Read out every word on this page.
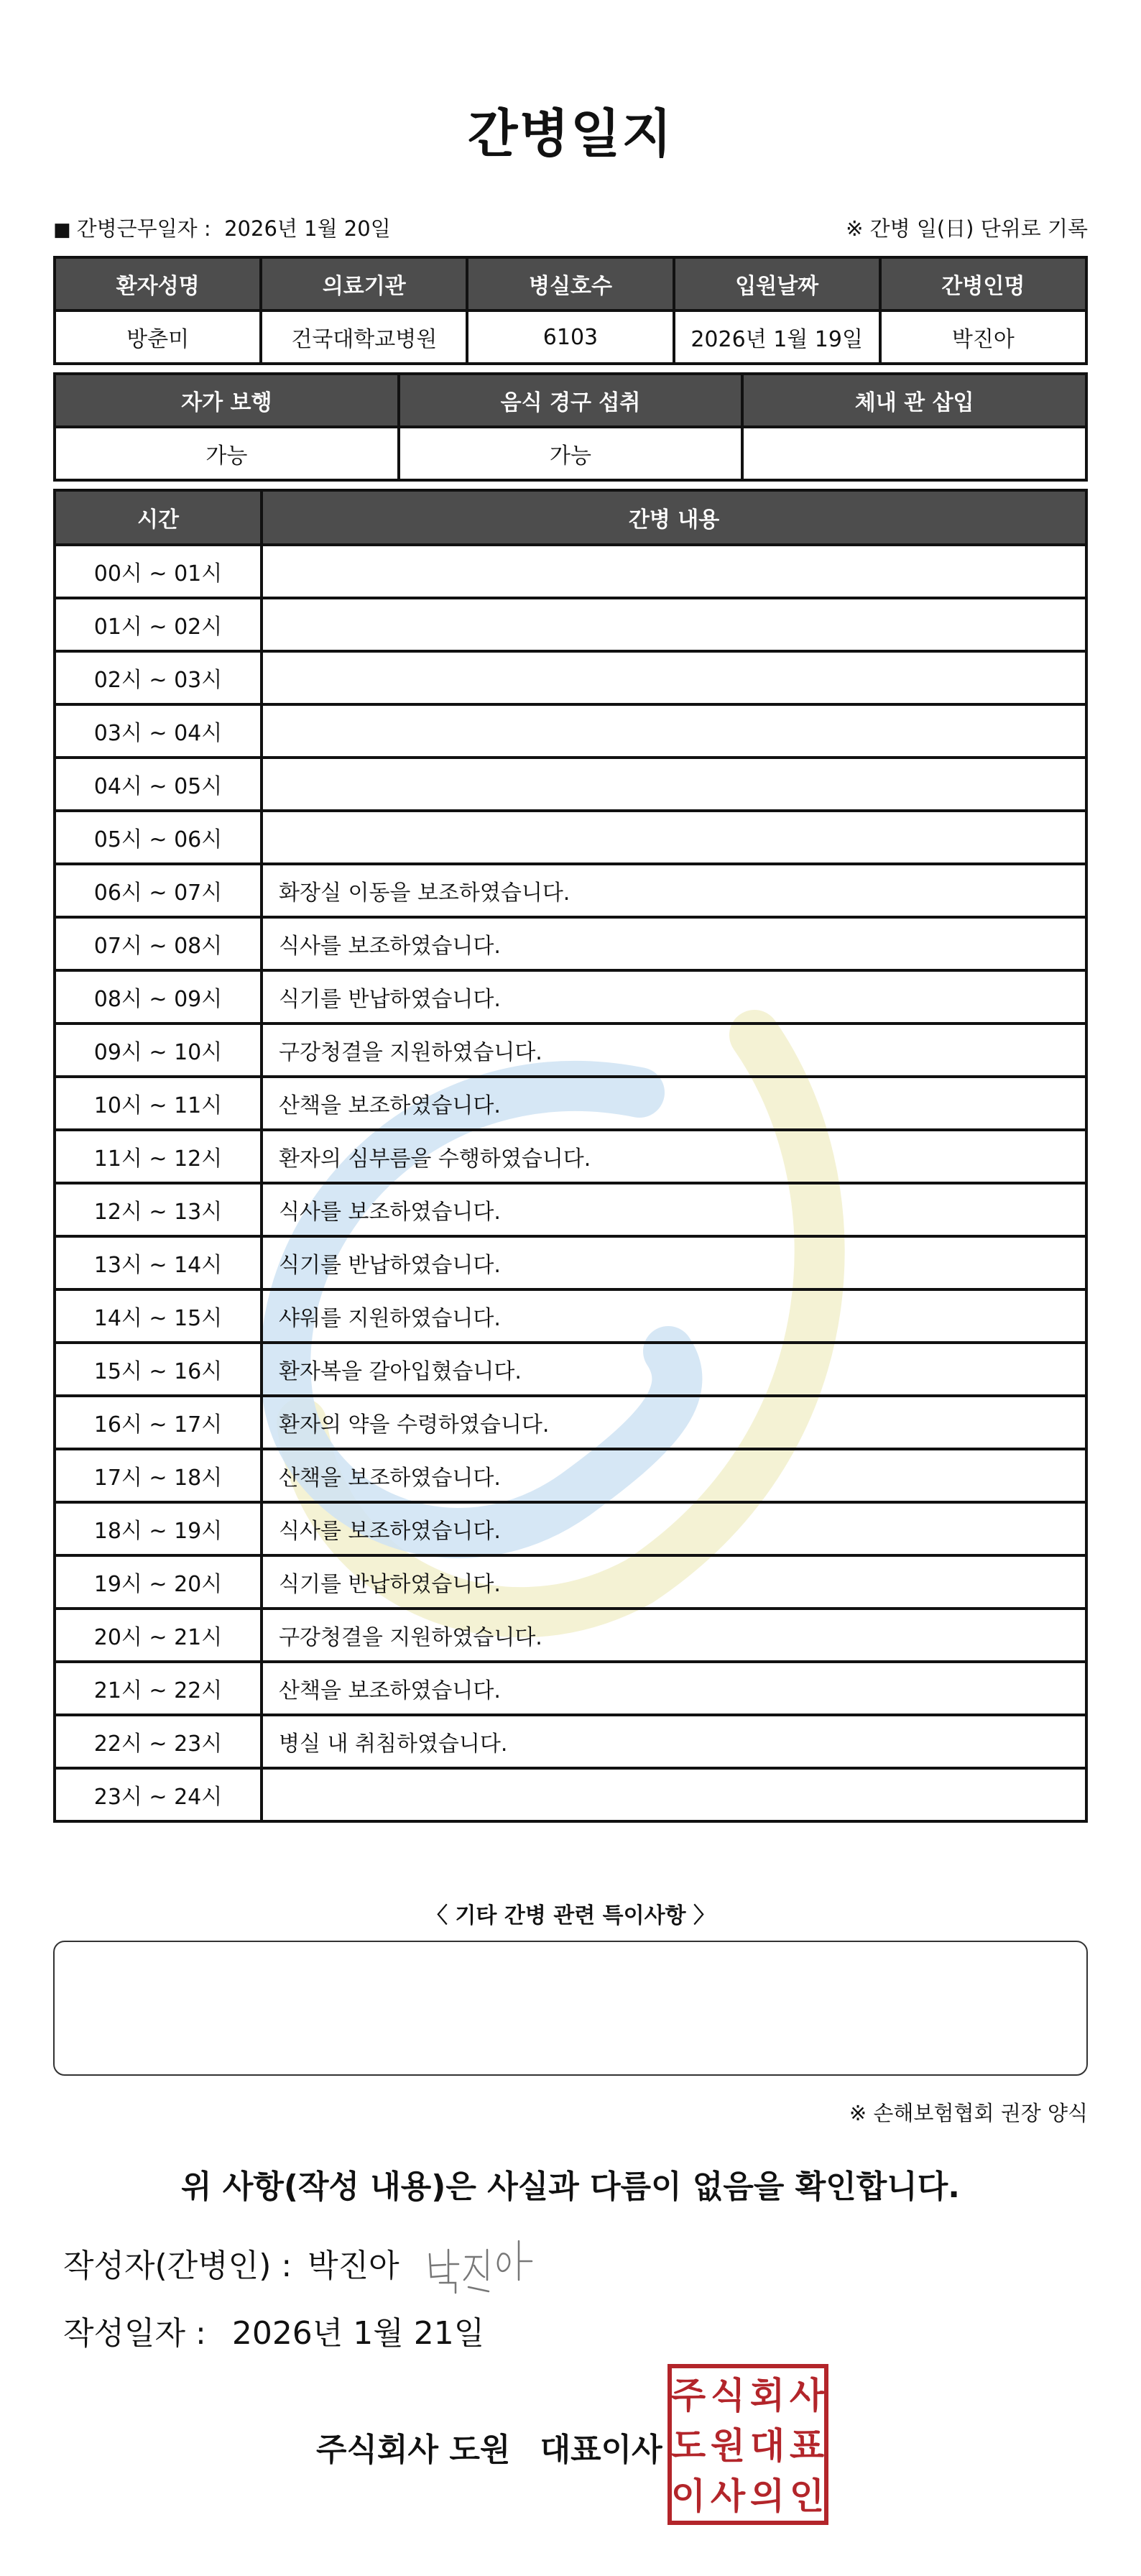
간병일지
■ 간병근무일자 : 2026년 1월 20일	※ 간병 일(日) 단위로 기록
환자성명	의료기관	병실호수	입원날짜	간병인명
방춘미	건국대학교병원	6103	2026년 1월 19일	박진아
자가 보행	음식 경구 섭취	체내 관 삽입
가능	가능	
시간	간병 내용
00시 ~ 01시	
01시 ~ 02시	
02시 ~ 03시	
03시 ~ 04시	
04시 ~ 05시	
05시 ~ 06시	
06시 ~ 07시	화장실 이동을 보조하였습니다.
07시 ~ 08시	식사를 보조하였습니다.
08시 ~ 09시	식기를 반납하였습니다.
09시 ~ 10시	구강청결을 지원하였습니다.
10시 ~ 11시	산책을 보조하였습니다.
11시 ~ 12시	환자의 심부름을 수행하였습니다.
12시 ~ 13시	식사를 보조하였습니다.
13시 ~ 14시	식기를 반납하였습니다.
14시 ~ 15시	샤워를 지원하였습니다.
15시 ~ 16시	환자복을 갈아입혔습니다.
16시 ~ 17시	환자의 약을 수령하였습니다.
17시 ~ 18시	산책을 보조하였습니다.
18시 ~ 19시	식사를 보조하였습니다.
19시 ~ 20시	식기를 반납하였습니다.
20시 ~ 21시	구강청결을 지원하였습니다.
21시 ~ 22시	산책을 보조하였습니다.
22시 ~ 23시	병실 내 취침하였습니다.
23시 ~ 24시	
〈 기타 간병 관련 특이사항 〉
※ 손해보험협회 권장 양식
위 사항(작성 내용)은 사실과 다름이 없음을 확인합니다.
작성자(간병인) : 박진아
작성일자 : 2026년 1월 21일
주식회사 도원 대표이사
주 식 회 사
도 원 대 표
이 사 의 인
